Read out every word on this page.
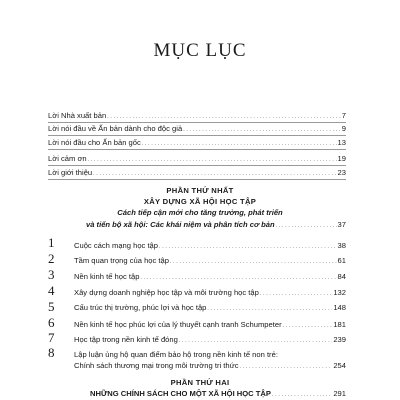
MỤC LỤC
Lời Nhà xuất bản . . .	7
Lời nói đầu về Ấn bản dành cho độc giả . . .	9
Lời nói đầu cho Ấn bản gốc . . .	13
Lời cảm ơn . . .	19
Lời giới thiệu . . .	23
PHẦN THỨ NHẤT
XÂY DỰNG XÃ HỘI HỌC TẬP
Cách tiếp cận mới cho tăng trưởng, phát triển
và tiến bộ xã hội: Các khái niệm và phân tích cơ bản . . .	37
1	Cuộc cách mạng học tập . . .	38
2	Tầm quan trọng của học tập . . .	61
3	Nền kinh tế học tập . . .	84
4	Xây dựng doanh nghiệp học tập và môi trường học tập . . .	132
5	Cấu trúc thị trường, phúc lợi và học tập . . .	148
6	Nền kinh tế học phúc lợi của lý thuyết cạnh tranh Schumpeter . . .	181
7	Học tập trong nền kinh tế đóng . . .	239
8	Lập luận ủng hộ quan điểm bảo hộ trong nền kinh tế non trẻ:
Chính sách thương mại trong môi trường tri thức . . .	254
PHẦN THỨ HAI
NHỮNG CHÍNH SÁCH CHO MỘT XÃ HỘI HỌC TẬP . . .	291
